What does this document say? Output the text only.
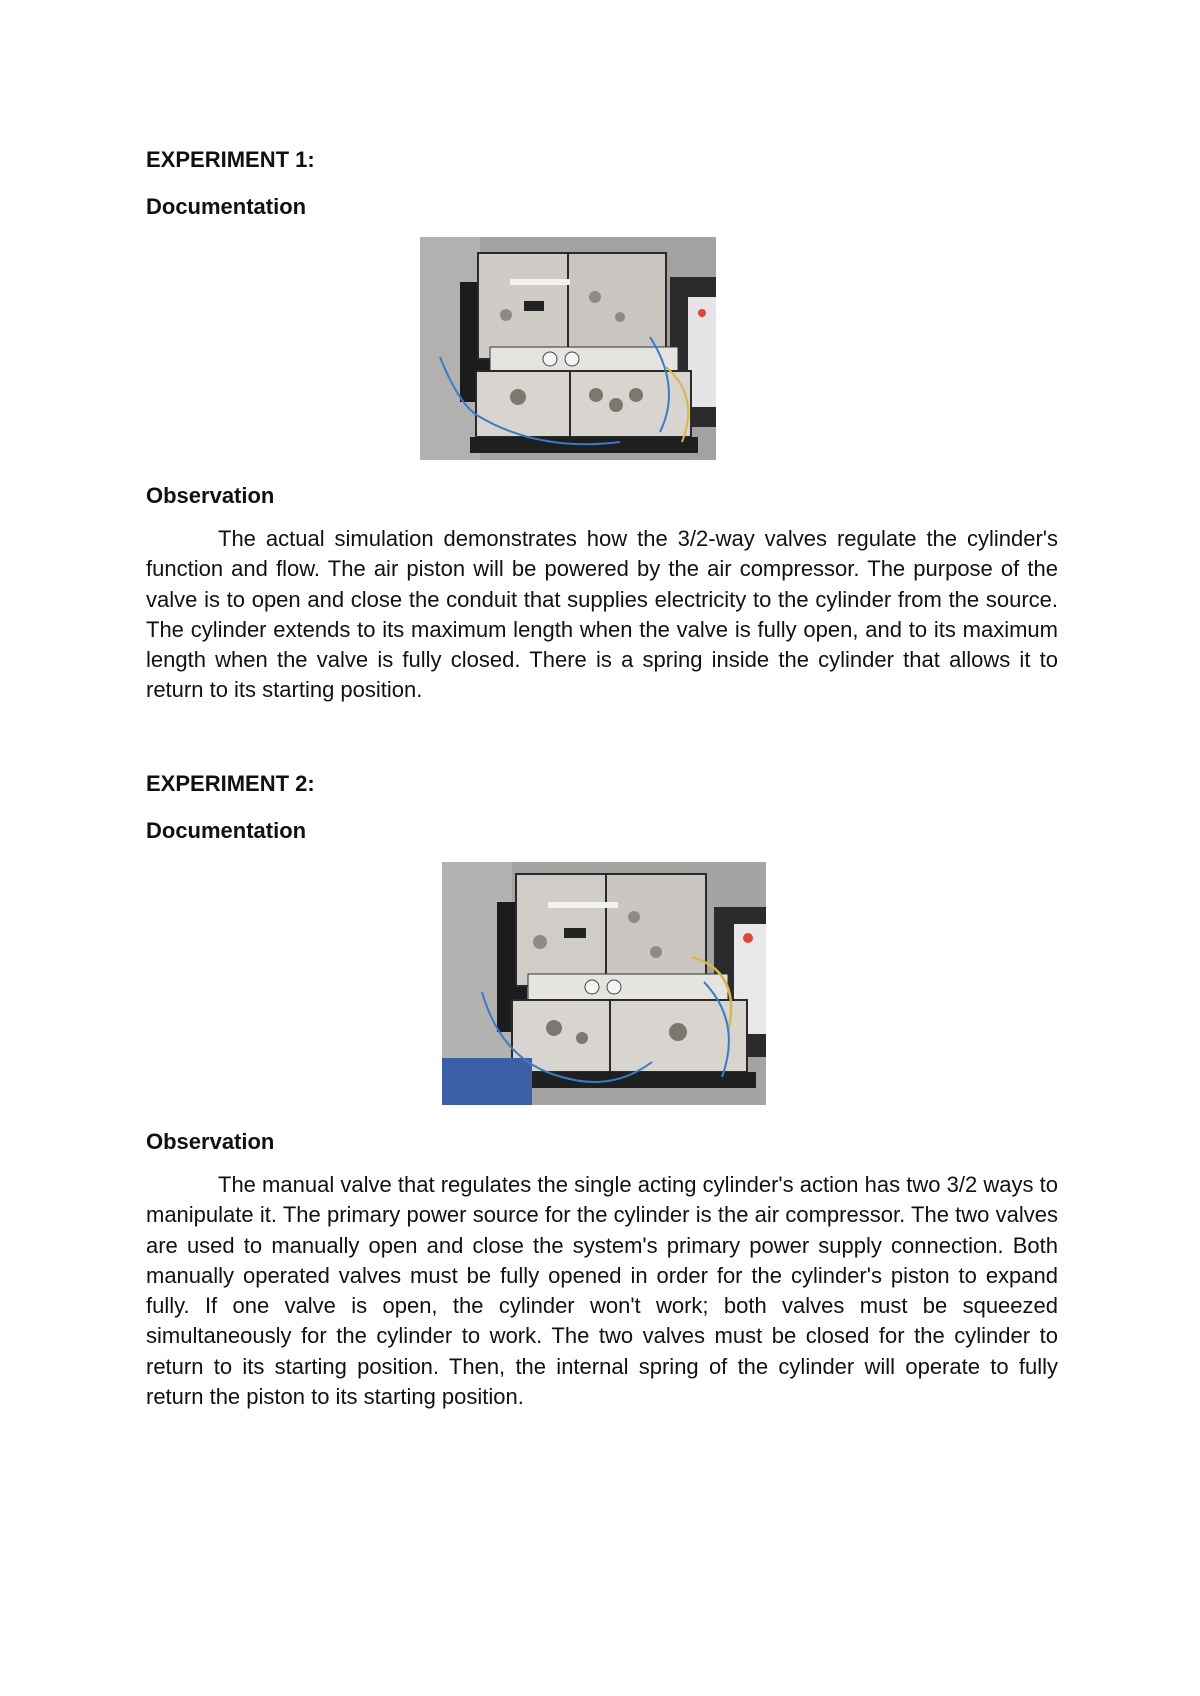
EXPERIMENT 1:
Documentation
Observation

The actual simulation demonstrates how the 3/2-way valves regulate the cylinder's function and flow. The air piston will be powered by the air compressor. The purpose of the valve is to open and close the conduit that supplies electricity to the cylinder from the source. The cylinder extends to its maximum length when the valve is fully open, and to its maximum length when the valve is fully closed. There is a spring inside the cylinder that allows it to return to its starting position.

EXPERIMENT 2:
Documentation
Observation

The manual valve that regulates the single acting cylinder's action has two 3/2 ways to manipulate it. The primary power source for the cylinder is the air compressor. The two valves are used to manually open and close the system's primary power supply connection. Both manually operated valves must be fully opened in order for the cylinder's piston to expand fully. If one valve is open, the cylinder won't work; both valves must be squeezed simultaneously for the cylinder to work. The two valves must be closed for the cylinder to return to its starting position. Then, the internal spring of the cylinder will operate to fully return the piston to its starting position.
